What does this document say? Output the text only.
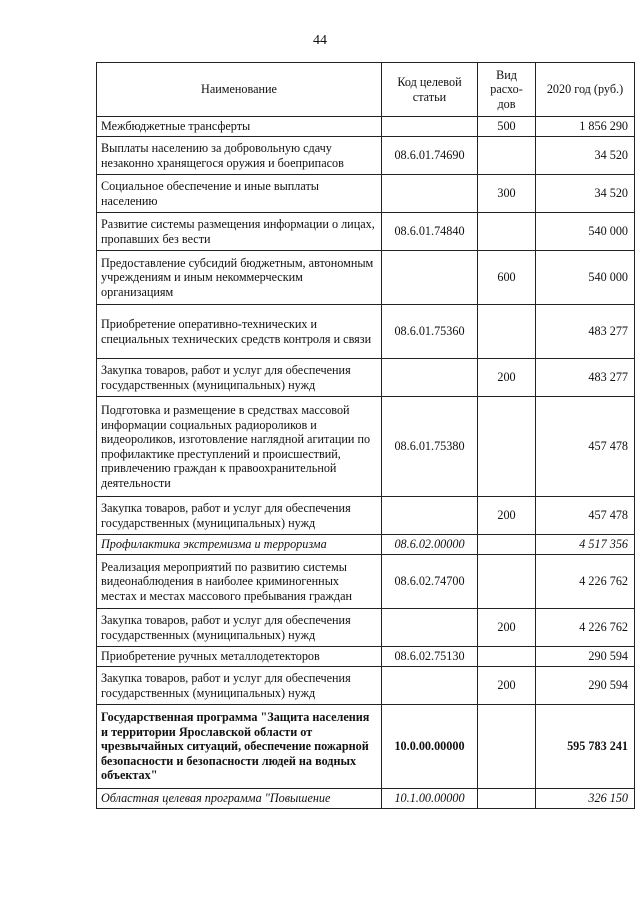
44
Наименование	Код целевой статьи	Вид расхо-дов	2020 год (руб.)
Межбюджетные трансферты		500	1 856 290
Выплаты населению за добровольную сдачу незаконно хранящегося оружия и боеприпасов	08.6.01.74690		34 520
Социальное обеспечение и иные выплаты населению		300	34 520
Развитие системы размещения информации о лицах, пропавших без вести	08.6.01.74840		540 000
Предоставление субсидий бюджетным, автономным учреждениям и иным некоммерческим организациям		600	540 000
Приобретение оперативно-технических и специальных технических средств контроля и связи	08.6.01.75360		483 277
Закупка товаров, работ и услуг для обеспечения государственных (муниципальных) нужд		200	483 277
Подготовка и размещение в средствах массовой информации социальных радиороликов и видеороликов, изготовление наглядной агитации по профилактике преступлений и происшествий, привлечению граждан к правоохранительной деятельности	08.6.01.75380		457 478
Закупка товаров, работ и услуг для обеспечения государственных (муниципальных) нужд		200	457 478
Профилактика экстремизма и терроризма	08.6.02.00000		4 517 356
Реализация мероприятий по развитию системы видеонаблюдения в наиболее криминогенных местах и местах массового пребывания граждан	08.6.02.74700		4 226 762
Закупка товаров, работ и услуг для обеспечения государственных (муниципальных) нужд		200	4 226 762
Приобретение ручных металлодетекторов	08.6.02.75130		290 594
Закупка товаров, работ и услуг для обеспечения государственных (муниципальных) нужд		200	290 594
Государственная программа "Защита населения и территории Ярославской области от чрезвычайных ситуаций, обеспечение пожарной безопасности и безопасности людей на водных объектах"	10.0.00.00000		595 783 241
Областная целевая программа "Повышение	10.1.00.00000		326 150
